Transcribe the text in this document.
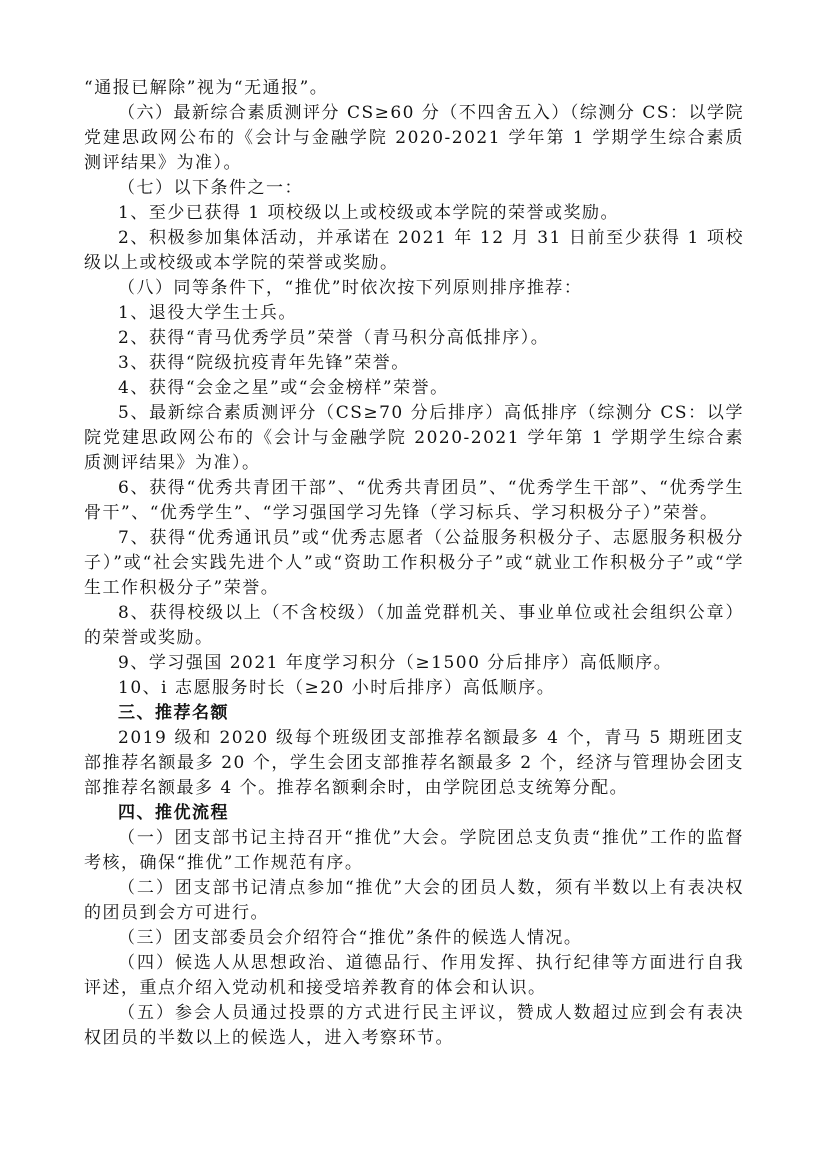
“通报已解除”视为“无通报”。

（六）最新综合素质测评分 CS≥60 分（不四舍五入）（综测分 CS：以学院党建思政网公布的《会计与金融学院 2020-2021 学年第 1 学期学生综合素质测评结果》为准）。

（七）以下条件之一：

1、至少已获得 1 项校级以上或校级或本学院的荣誉或奖励。

2、积极参加集体活动，并承诺在 2021 年 12 月 31 日前至少获得 1 项校级以上或校级或本学院的荣誉或奖励。

（八）同等条件下，“推优”时依次按下列原则排序推荐：

1、退役大学生士兵。

2、获得“青马优秀学员”荣誉（青马积分高低排序）。

3、获得“院级抗疫青年先锋”荣誉。

4、获得“会金之星”或“会金榜样”荣誉。

5、最新综合素质测评分（CS≥70 分后排序）高低排序（综测分 CS：以学院党建思政网公布的《会计与金融学院 2020-2021 学年第 1 学期学生综合素质测评结果》为准）。

6、获得“优秀共青团干部”、“优秀共青团员”、“优秀学生干部”、“优秀学生骨干”、“优秀学生”、“学习强国学习先锋（学习标兵、学习积极分子）”荣誉。

7、获得“优秀通讯员”或“优秀志愿者（公益服务积极分子、志愿服务积极分子）”或“社会实践先进个人”或“资助工作积极分子”或“就业工作积极分子”或“学生工作积极分子”荣誉。

8、获得校级以上（不含校级）（加盖党群机关、事业单位或社会组织公章）的荣誉或奖励。

9、学习强国 2021 年度学习积分（≥1500 分后排序）高低顺序。

10、i 志愿服务时长（≥20 小时后排序）高低顺序。

三、推荐名额

2019 级和 2020 级每个班级团支部推荐名额最多 4 个，青马 5 期班团支部推荐名额最多 20 个，学生会团支部推荐名额最多 2 个，经济与管理协会团支部推荐名额最多 4 个。推荐名额剩余时，由学院团总支统筹分配。

四、推优流程

（一）团支部书记主持召开“推优”大会。学院团总支负责“推优”工作的监督考核，确保“推优”工作规范有序。

（二）团支部书记清点参加“推优”大会的团员人数，须有半数以上有表决权的团员到会方可进行。

（三）团支部委员会介绍符合“推优”条件的候选人情况。

（四）候选人从思想政治、道德品行、作用发挥、执行纪律等方面进行自我评述，重点介绍入党动机和接受培养教育的体会和认识。

（五）参会人员通过投票的方式进行民主评议，赞成人数超过应到会有表决权团员的半数以上的候选人，进入考察环节。
